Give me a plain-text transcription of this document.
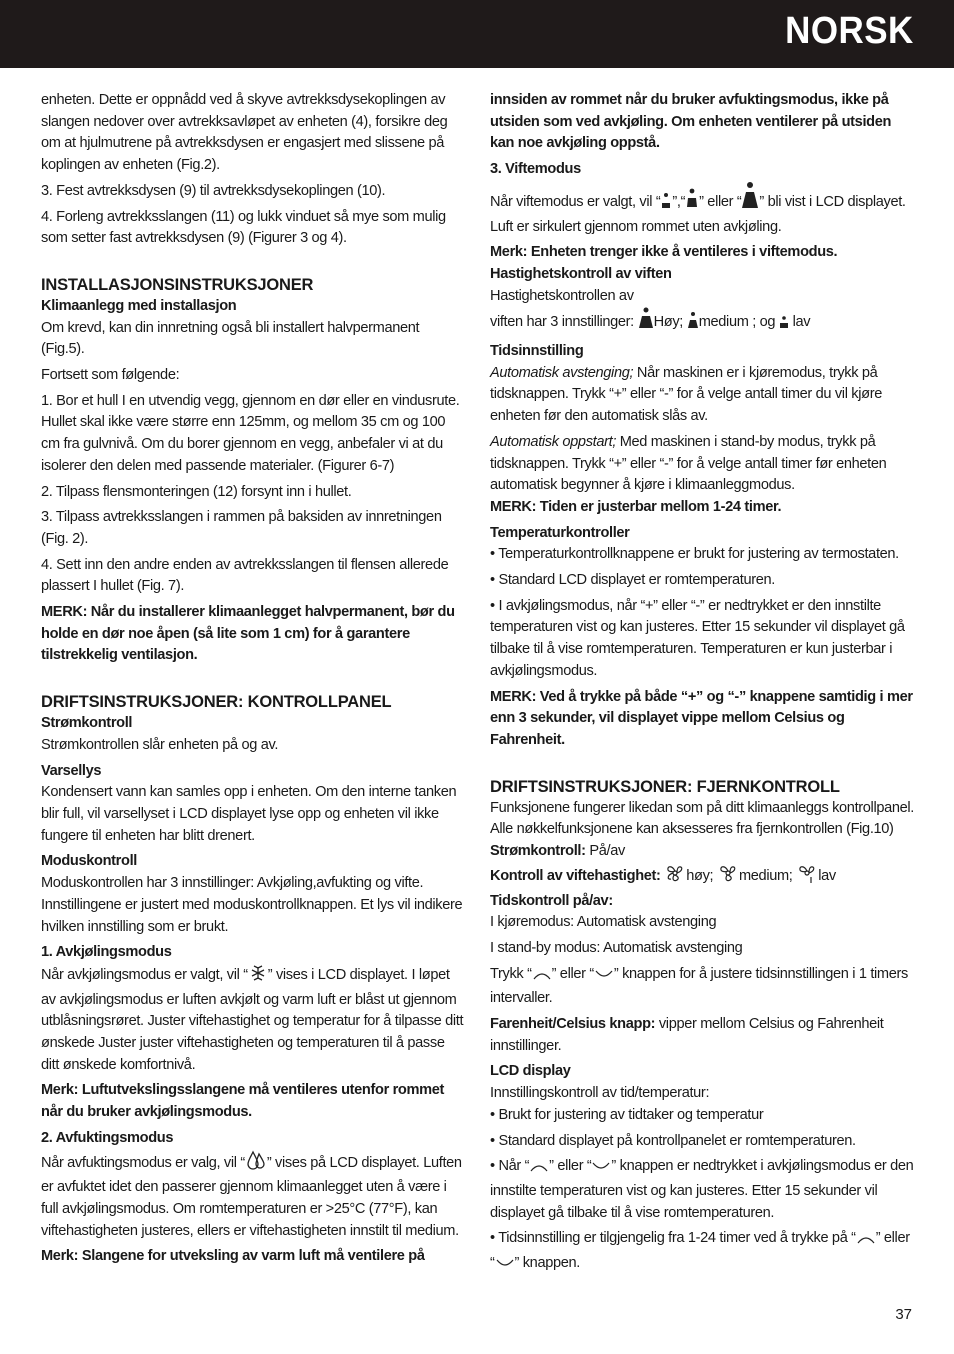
NORSK

enheten. Dette er oppnådd ved å skyve avtrekksdysekoplingen av slangen nedover over avtrekksavløpet av enheten (4), forsikre deg om at hjulmutrene på avtrekksdysen er engasjert med slissene på koplingen av enheten (Fig.2).

3. Fest avtrekksdysen (9) til avtrekksdysekoplingen (10).

4. Forleng avtrekksslangen (11) og lukk vinduet så mye som mulig som setter fast avtrekksdysen (9) (Figurer 3 og 4).

INSTALLASJONSINSTRUKSJONER
Klimaanlegg med installasjon

Om krevd, kan din innretning også bli installert halvpermanent (Fig.5).

Fortsett som følgende:

1. Bor et hull I en utvendig vegg, gjennom en dør eller en vindusrute. Hullet skal ikke være større enn 125mm, og mellom 35 cm og 100 cm fra gulvnivå. Om du borer gjennom en vegg, anbefaler vi at du isolerer den delen med passende materialer. (Figurer 6-7)

2. Tilpass flensmonteringen (12) forsynt inn i hullet.

3. Tilpass avtrekksslangen i rammen på baksiden av innretningen (Fig. 2).

4. Sett inn den andre enden av avtrekksslangen til flensen allerede plassert I hullet (Fig. 7).

MERK: Når du installerer klimaanlegget halvpermanent, bør du holde en dør noe åpen (så lite som 1 cm) for å garantere tilstrekkelig ventilasjon.

DRIFTSINSTRUKSJONER: KONTROLLPANEL
Strømkontroll

Strømkontrollen slår enheten på og av.

Varsellys

Kondensert vann kan samles opp i enheten. Om den interne tanken blir full, vil varsellyset i LCD displayet lyse opp og enheten vil ikke fungere til enheten har blitt drenert.

Moduskontroll

Moduskontrollen har 3 innstillinger: Avkjøling,avfukting og vifte. Innstillingene er justert med moduskontrollknappen. Et lys vil indikere hvilken innstilling som er brukt.

1. Avkjølingsmodus

Når avkjølingsmodus er valgt, vil “ ” vises i LCD displayet. I løpet av avkjølingsmodus er luften avkjølt og varm luft er blåst ut gjennom utblåsningsrøret. Juster viftehastighet og temperatur for å tilpasse ditt ønskede Juster juster viftehastigheten og temperaturen til å passe ditt ønskede komfortnivå.

Merk: Luftutvekslingsslangene må ventileres utenfor rommet når du bruker avkjølingsmodus.

2. Avfuktingsmodus

Når avfuktingsmodus er valg, vil “ ” vises på LCD displayet. Luften er avfuktet idet den passerer gjennom klimaanlegget uten å være i full avkjølingsmodus. Om romtemperaturen er >25°C (77°F), kan viftehastigheten justeres, ellers er viftehastigheten innstilt til medium.

Merk: Slangene for utveksling av varm luft må ventilere på

innsiden av rommet når du bruker avfuktingsmodus, ikke på utsiden som ved avkjøling. Om enheten ventilerer på utsiden kan noe avkjøling oppstå.

3. Viftemodus

Når viftemodus er valgt, vil “ ”,“ ” eller “ ” bli vist i LCD displayet. Luft er sirkulert gjennom rommet uten avkjøling.

Merk: Enheten trenger ikke å ventileres i viftemodus.

Hastighetskontroll av viften
Hastighetskontrollen av

viften har 3 innstillinger: Høy; medium ; og lav

Tidsinnstilling

Automatisk avstenging; Når maskinen er i kjøremodus, trykk på tidsknappen. Trykk “+” eller “-” for å velge antall timer du vil kjøre enheten før den automatisk slås av.

Automatisk oppstart; Med maskinen i stand-by modus, trykk på tidsknappen. Trykk “+” eller “-” for å velge antall timer før enheten automatisk begynner å kjøre i klimaanleggmodus.

MERK: Tiden er justerbar mellom 1-24 timer.

Temperaturkontroller

• Temperaturkontrollknappene er brukt for justering av termostaten.

• Standard LCD displayet er romtemperaturen.

• I avkjølingsmodus, når “+” eller “-” er nedtrykket er den innstilte temperaturen vist og kan justeres. Etter 15 sekunder vil displayet gå tilbake til å vise romtemperaturen. Temperaturen er kun justerbar i avkjølingsmodus.

MERK: Ved å trykke på både “+” og “-” knappene samtidig i mer enn 3 sekunder, vil displayet vippe mellom Celsius og Fahrenheit.

DRIFTSINSTRUKSJONER: FJERNKONTROLL

Funksjonene fungerer likedan som på ditt klimaanleggs kontrollpanel. Alle nøkkelfunksjonene kan aksesseres fra fjernkontrollen (Fig.10)

Strømkontroll: På/av
Kontroll av viftehastighet: høy; medium; lav
Tidskontroll på/av:

I kjøremodus: Automatisk avstenging

I stand-by modus: Automatisk avstenging

Trykk “ ” eller “ ” knappen for å justere tidsinnstillingen i 1 timers intervaller.

Farenheit/Celsius knapp: vipper mellom Celsius og Fahrenheit innstillinger.

LCD display
Innstillingskontroll av tid/temperatur:

• Brukt for justering av tidtaker og temperatur

• Standard displayet på kontrollpanelet er romtemperaturen.

• Når “ ” eller “ ” knappen er nedtrykket i avkjølingsmodus er den innstilte temperaturen vist og kan justeres. Etter 15 sekunder vil displayet gå tilbake til å vise romtemperaturen.

• Tidsinnstilling er tilgjengelig fra 1-24 timer ved å trykke på “ ” eller “ ” knappen.

37
